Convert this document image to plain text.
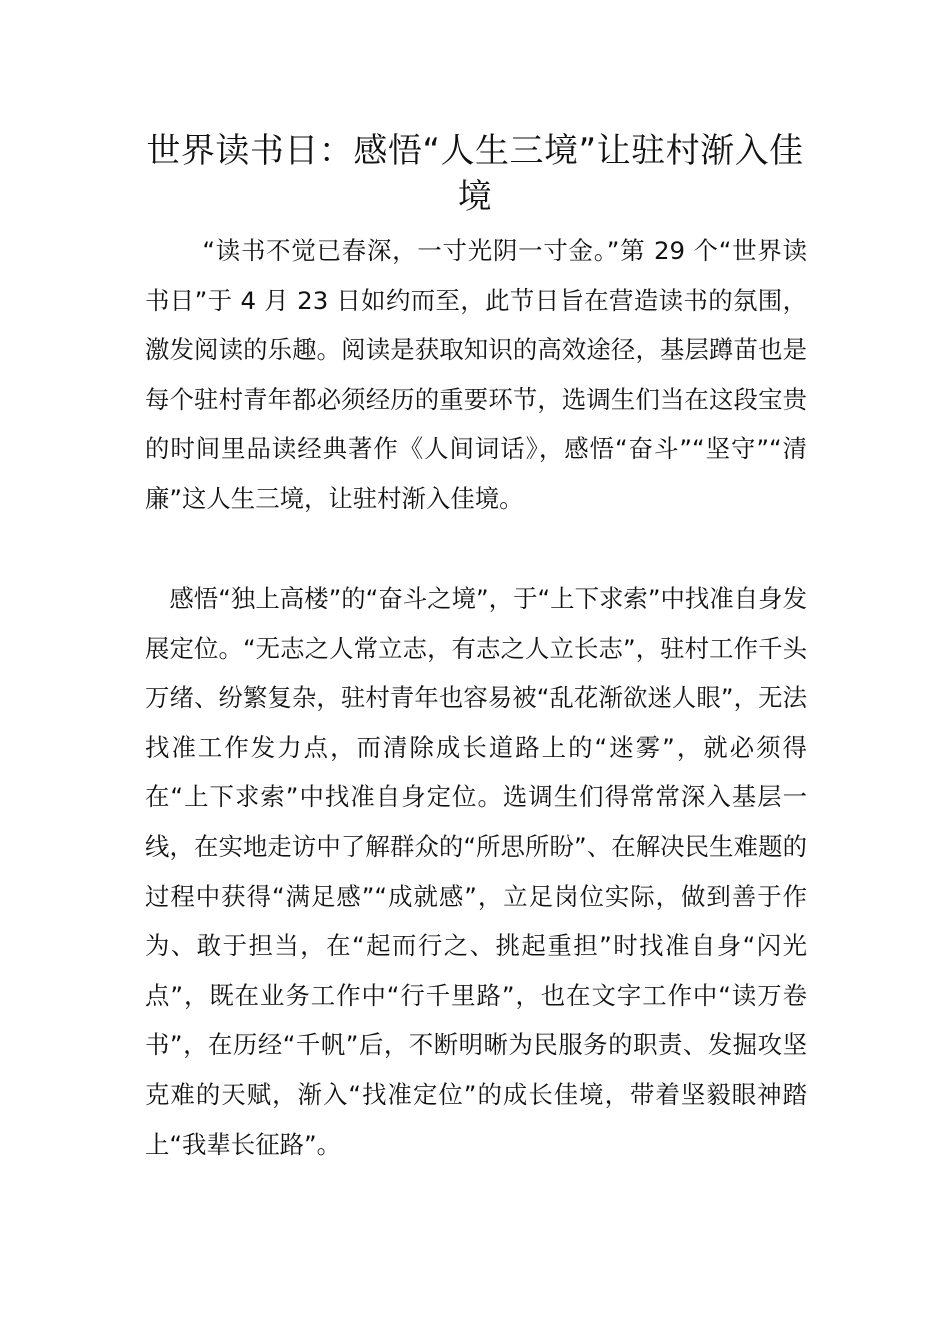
世界读书日：感悟“人生三境”让驻村渐入佳境

“读书不觉已春深，一寸光阴一寸金。”第 29 个“世界读书日”于 4 月 23 日如约而至，此节日旨在营造读书的氛围，激发阅读的乐趣。阅读是获取知识的高效途径，基层蹲苗也是每个驻村青年都必须经历的重要环节，选调生们当在这段宝贵的时间里品读经典著作《人间词话》，感悟“奋斗”“坚守”“清廉”这人生三境，让驻村渐入佳境。

感悟“独上高楼”的“奋斗之境”，于“上下求索”中找准自身发展定位。“无志之人常立志，有志之人立长志”，驻村工作千头万绪、纷繁复杂，驻村青年也容易被“乱花渐欲迷人眼”，无法找准工作发力点，而清除成长道路上的“迷雾”，就必须得在“上下求索”中找准自身定位。选调生们得常常深入基层一线，在实地走访中了解群众的“所思所盼”、在解决民生难题的过程中获得“满足感”“成就感”，立足岗位实际，做到善于作为、敢于担当，在“起而行之、挑起重担”时找准自身“闪光点”，既在业务工作中“行千里路”，也在文字工作中“读万卷书”，在历经“千帆”后，不断明晰为民服务的职责、发掘攻坚克难的天赋，渐入“找准定位”的成长佳境，带着坚毅眼神踏上“我辈长征路”。
